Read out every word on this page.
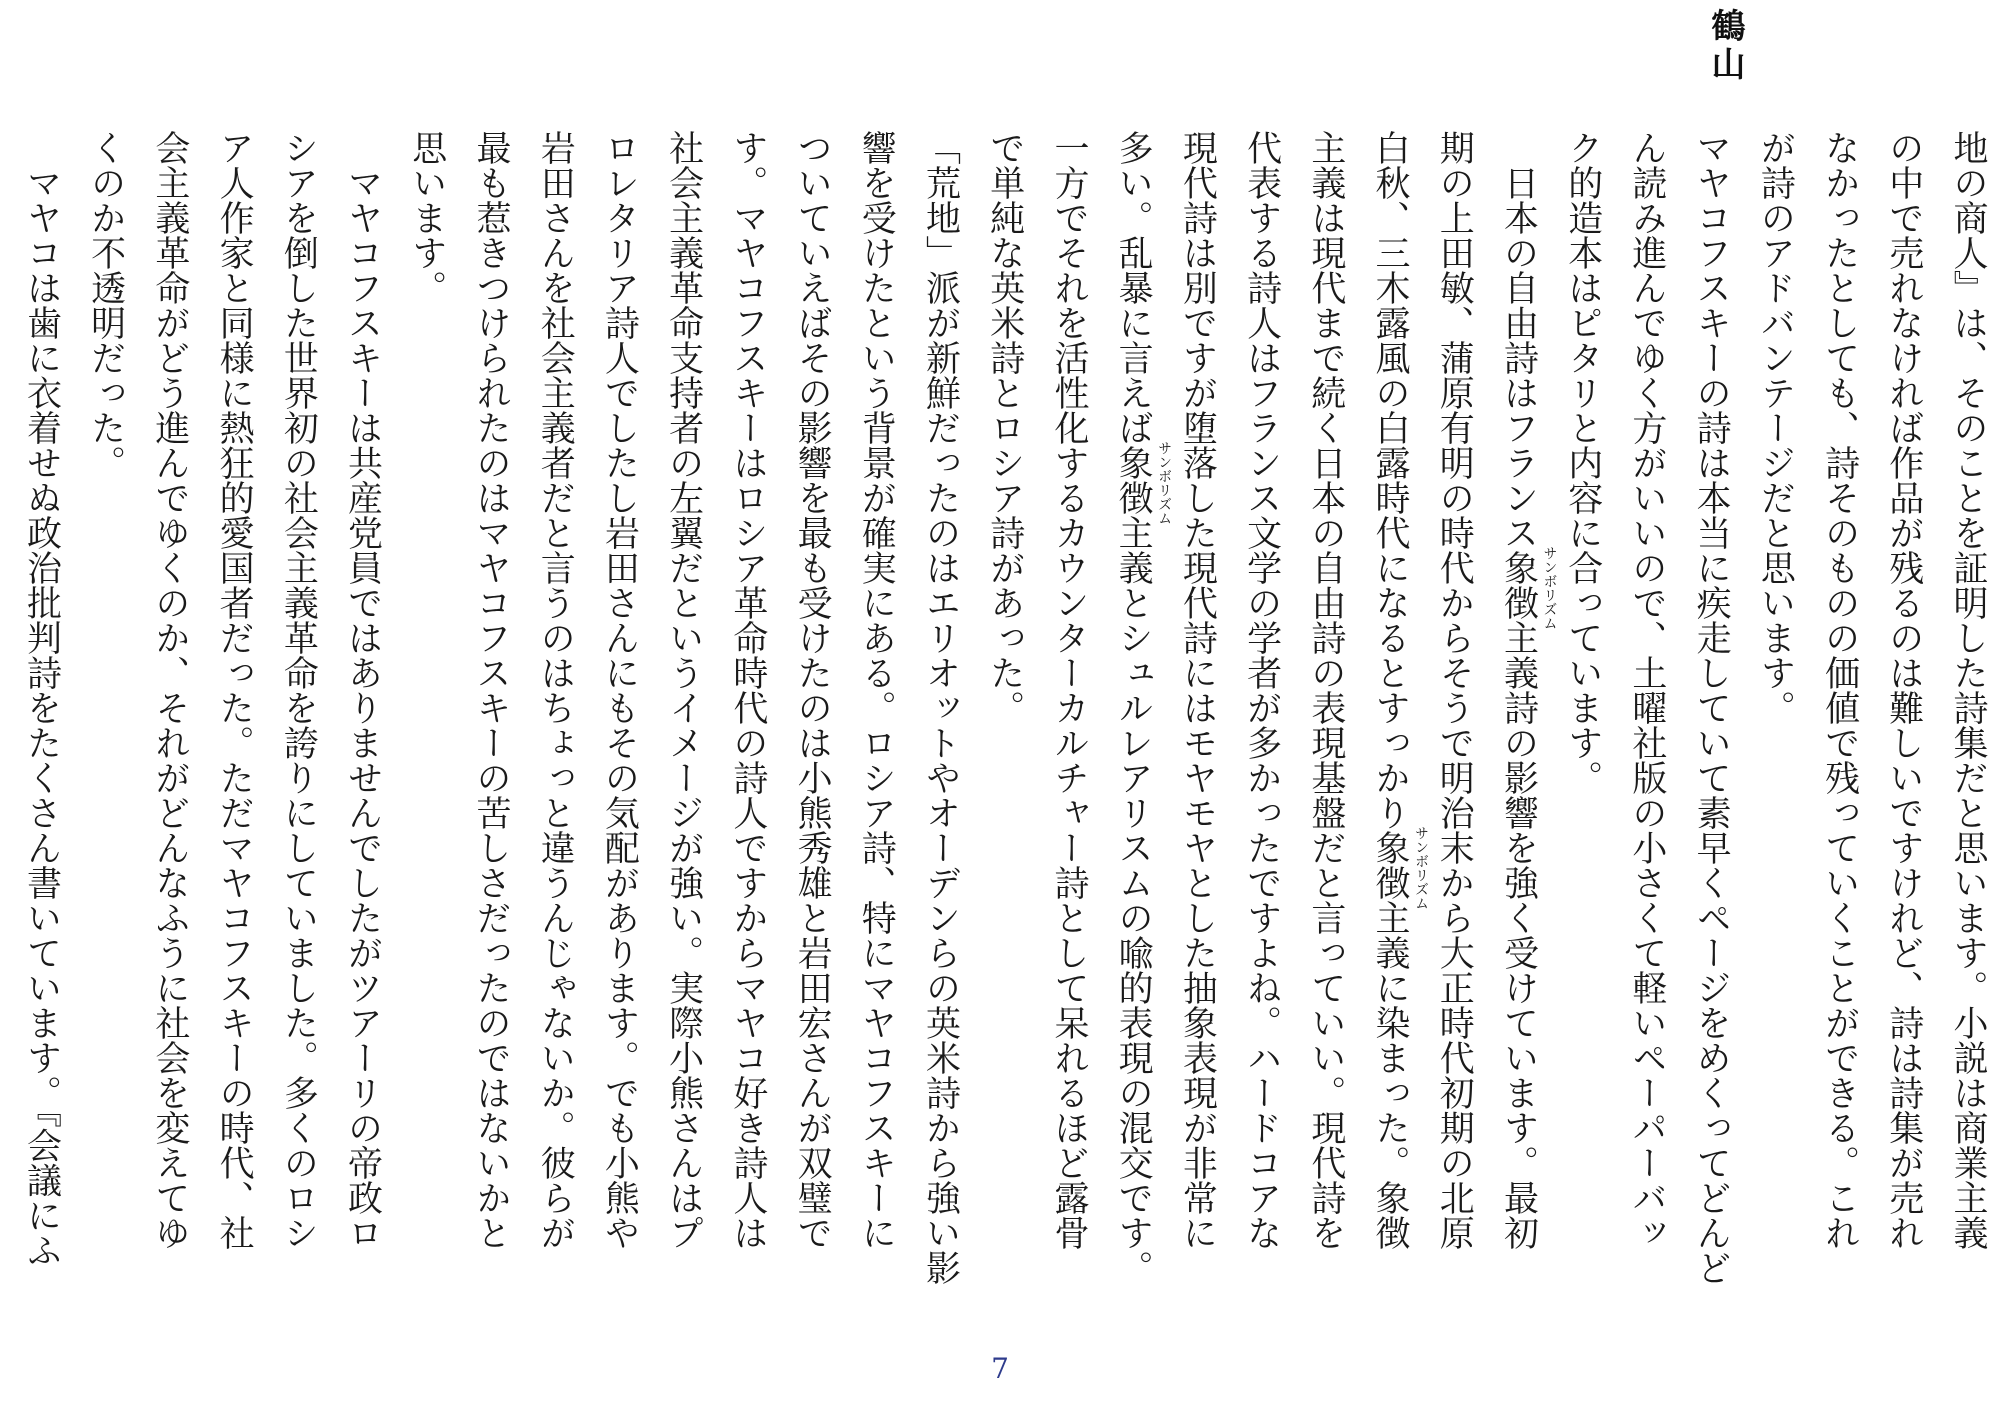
鶴山
地の商人』は、そのことを証明した詩集だと思います。小説は商業主義
の中で売れなければ作品が残るのは難しいですけれど、詩は詩集が売れ
なかったとしても、詩そのものの価値で残っていくことができる。これ
が詩のアドバンテージだと思います。
マヤコフスキーの詩は本当に疾走していて素早くページをめくってどんど
ん読み進んでゆく方がいいので、土曜社版の小さくて軽いペーパーバッ
ク的造本はピタリと内容に合っています。
　日本の自由詩はフランス象徴主義 サンボリズム
詩の影響を強く受けています。最初
期の上田敏、蒲原有明の時代からそうで明治末から大正時代初期の北原
白秋、三木露風の白露時代になるとすっかり象徴主義 サンボリズム
に染まった。象徴
主義は現代まで続く日本の自由詩の表現基盤だと言っていい。現代詩を
代表する詩人はフランス文学の学者が多かったですよね。ハードコアな
現代詩は別ですが堕落した現代詩にはモヤモヤとした抽象表現が非常に
多い。乱暴に言えば象徴主義 サンボリズム
とシュルレアリスムの喩的表現の混交です。
一方でそれを活性化するカウンターカルチャー詩として呆れるほど露骨
で単純な英米詩とロシア詩があった。
「荒地」派が新鮮だったのはエリオットやオーデンらの英米詩から強い影
響を受けたという背景が確実にある。ロシア詩、特にマヤコフスキーに
ついていえばその影響を最も受けたのは小熊秀雄と岩田宏さんが双璧で
す。マヤコフスキーはロシア革命時代の詩人ですからマヤコ好き詩人は
社会主義革命支持者の左翼だというイメージが強い。実際小熊さんはプ
ロレタリア詩人でしたし岩田さんにもその気配があります。でも小熊や
岩田さんを社会主義者だと言うのはちょっと違うんじゃないか。彼らが
最も惹きつけられたのはマヤコフスキーの苦しさだったのではないかと
思います。
　マヤコフスキーは共産党員ではありませんでしたがツアーリの帝政ロ
シアを倒した世界初の社会主義革命を誇りにしていました。多くのロシ
ア人作家と同様に熱狂的愛国者だった。ただマヤコフスキーの時代、社
会主義革命がどう進んでゆくのか、それがどんなふうに社会を変えてゆ
くのか不透明だった。
　マヤコは歯に衣着せぬ政治批判詩をたくさん書いています。『会議にふ
7
